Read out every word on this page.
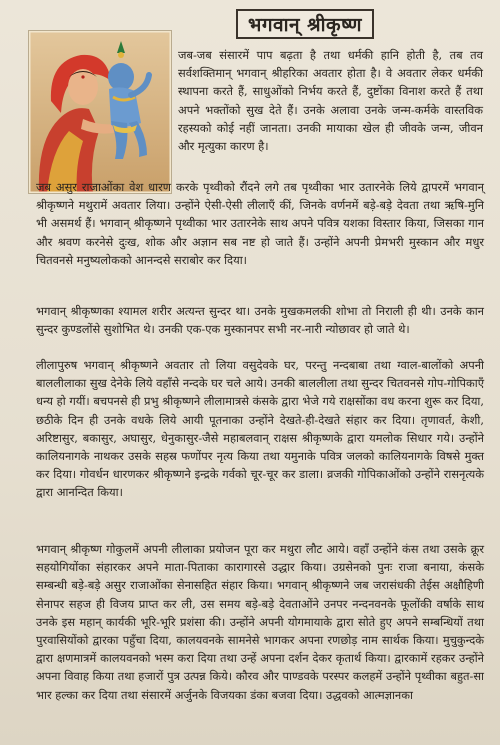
भगवान् श्रीकृष्ण

जब-जब संसारमें पाप बढ़ता है तथा धर्मकी हानि होती है, तब तव सर्वशक्तिमान् भगवान् श्रीहरिका अवतार होता है। वे अवतार लेकर धर्मकी स्थापना करते हैं, साधुओंको निर्भय करते हैं, दुष्टोंका विनाश करते हैं तथा अपने भक्तोंको सुख देते हैं। उनके अलावा उनके जन्म-कर्मके वास्तविक रहस्यको कोई नहीं जानता। उनकी मायाका खेल ही जीवके जन्म, जीवन और मृत्युका कारण है।

जब असुर राजाओंका वेश धारण करके पृथ्वीको रौंदने लगे तब पृथ्वीका भार उतारनेके लिये द्वापरमें भगवान् श्रीकृष्णने मथुरामें अवतार लिया। उन्होंने ऐसी-ऐसी लीलाएँ कीं, जिनके वर्णनमें बड़े-बड़े देवता तथा ऋषि-मुनि भी असमर्थ हैं। भगवान् श्रीकृष्णने पृथ्वीका भार उतारनेके साथ अपने पवित्र यशका विस्तार किया, जिसका गान और श्रवण करनेसे दुःख, शोक और अज्ञान सब नष्ट हो जाते हैं। उन्होंने अपनी प्रेमभरी मुस्कान और मधुर चितवनसे मनुष्यलोकको आनन्दसे सराबोर कर दिया।

भगवान् श्रीकृष्णका श्यामल शरीर अत्यन्त सुन्दर था। उनके मुखकमलकी शोभा तो निराली ही थी। उनके कान सुन्दर कुण्डलोंसे सुशोभित थे। उनकी एक-एक मुस्कानपर सभी नर-नारी न्योछावर हो जाते थे।

लीलापुरुष भगवान् श्रीकृष्णने अवतार तो लिया वसुदेवके घर, परन्तु नन्दबाबा तथा ग्वाल-बालोंको अपनी बाललीलाका सुख देनेके लिये वहाँसे नन्दके घर चले आये। उनकी बाललीला तथा सुन्दर चितवनसे गोप-गोपिकाएँ धन्य हो गयीं। बचपनसे ही प्रभु श्रीकृष्णने लीलामात्रसे कंसके द्वारा भेजे गये राक्षसोंका वध करना शुरू कर दिया, छठीके दिन ही उनके वधके लिये आयी पूतनाका उन्होंने देखते-ही-देखते संहार कर दिया। तृणावर्त, केशी, अरिष्टासुर, बकासुर, अघासुर, धेनुकासुर-जैसे महाबलवान् राक्षस श्रीकृष्णके द्वारा यमलोक सिधार गये। उन्होंने कालियनागके नाथकर उसके सहस्र फणोंपर नृत्य किया तथा यमुनाके पवित्र जलको कालियनागके विषसे मुक्त कर दिया। गोवर्धन धारणकर श्रीकृष्णने इन्द्रके गर्वको चूर-चूर कर डाला। व्रजकी गोपिकाओंको उन्होंने रासनृत्यके द्वारा आनन्दित किया।

भगवान् श्रीकृष्ण गोकुलमें अपनी लीलाका प्रयोजन पूरा कर मथुरा लौट आये। वहाँ उन्होंने कंस तथा उसके क्रूर सहयोगियोंका संहारकर अपने माता-पिताका कारागारसे उद्धार किया। उग्रसेनको पुनः राजा बनाया, कंसके सम्बन्धी बड़े-बड़े असुर राजाओंका सेनासहित संहार किया। भगवान् श्रीकृष्णने जब जरासंधकी तेईस अक्षौहिणी सेनापर सहज ही विजय प्राप्त कर ली, उस समय बड़े-बड़े देवताओंने उनपर नन्दनवनके फूलोंकी वर्षाके साथ उनके इस महान् कार्यकी भूरि-भूरि प्रशंसा की। उन्होंने अपनी योगमायाके द्वारा सोते हुए अपने सम्बन्धियों तथा पुरवासियोंको द्वारका पहुँचा दिया, कालयवनके सामनेसे भागकर अपना रणछोड़ नाम सार्थक किया। मुचुकुन्दके द्वारा क्षणमात्रमें कालयवनको भस्म करा दिया तथा उन्हें अपना दर्शन देकर कृतार्थ किया। द्वारकामें रहकर उन्होंने अपना विवाह किया तथा हजारों पुत्र उत्पन्न किये। कौरव और पाण्डवके परस्पर कलहमें उन्होंने पृथ्वीका बहुत-सा भार हल्का कर दिया तथा संसारमें अर्जुनके विजयका डंका बजवा दिया। उद्धवको आत्मज्ञानका
